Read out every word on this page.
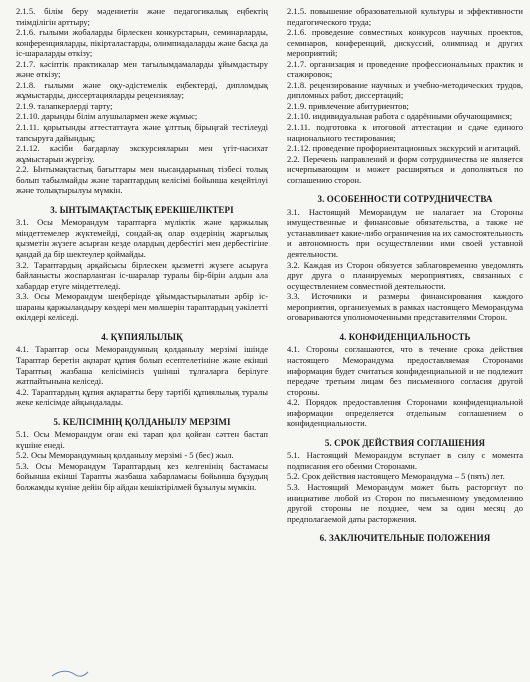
2.1.5. білім беру мәдениетін және педагогикалық еңбектің тиімділігін арттыру;

2.1.6. ғылыми жобаларды бірлескен конкурстарын, семинарларды, конференцияларды, пікірталастарды, олимпиадаларды және басқа да іс-шараларды өткізу;

2.1.7. кәсіптік практикалар мен тағылымдамаларды ұйымдастыру және өткізу;

2.1.8. ғылыми және оқу-әдістемелік еңбектерді, дипломдық жұмыстарды, диссертацияларды рецензиялау;

2.1.9. талапкерлерді тарту;

2.1.10. дарынды білім алушылармен жеке жұмыс;

2.1.11. қорытынды аттестаттауға және ұлттық бірыңғай тестілеуді тапсыруға дайындық;

2.1.12. кәсіби бағдарлау экскурсияларын мен үгіт-насихат жұмыстарын жүргізу.

2.2. Ынтымақтастық бағыттары мен нысандарының тізбесі толық болып табылмайды және тараптардың келісімі бойынша кеңейтілуі және толықтырылуы мүмкін.

3. ЫНТЫМАҚТАСТЫҚ ЕРЕКШЕЛІКТЕРІ

3.1. Осы Меморандум тараптарға мүліктік және қаржылық міндеттемелер жүктемейді, сондай-ақ олар өздерінің жарғылық қызметін жүзеге асырған кезде олардың дербестігі мен дербестігіне қандай да бір шектеулер қоймайды.

3.2. Тараптардың әрқайсысы бірлескен қызметті жүзеге асыруға байланысты жоспарланған іс-шаралар туралы бір-бірін алдын ала хабардар етуге міндеттеледі.

3.3. Осы Меморандум шеңберінде ұйымдастырылатын әрбір іс-шараны қаржыландыру көздері мен мөлшерін тараптардың уәкілетті өкілдері келіседі.

4. ҚҰПИЯЛЫЛЫҚ

4.1. Тараптар осы Меморандумның қолданылу мерзімі ішінде Тараптар беретін ақпарат құпия болып есептелетініне және екінші Тараптың жазбаша келісімінсіз үшінші тұлғаларға берілуге жатпайтынына келіседі.

4.2. Тараптардың құпия ақпаратты беру тәртібі құпиялылық туралы жеке келісімде айқындалады.

5. КЕЛІСІМНІҢ ҚОЛДАНЫЛУ МЕРЗІМІ

5.1. Осы Меморандум оған екі тарап қол қойған сәттен бастап күшіне енеді.

5.2. Осы Меморандумның қолданылу мерзімі - 5 (бес) жыл.

5.3. Осы Меморандум Тараптардың кез келгенінің бастамасы бойынша екінші Тарапты жазбаша хабарламасы бойынша бұзудың болжамды күніне дейін бір айдан кешіктірілмей бұзылуы мүмкін.

2.1.5. повышение образовательной культуры и эффективности педагогического труда;

2.1.6. проведение совместных конкурсов научных проектов, семинаров, конференций, дискуссий, олимпиад и других мероприятий;

2.1.7. организация и проведение профессиональных практик и стажировок;

2.1.8. рецензирование научных и учебно-методических трудов, дипломных работ, диссертаций;

2.1.9. привлечение абитуриентов;

2.1.10. индивидуальная работа с одарёнными обучающимися;

2.1.11. подготовка к итоговой аттестации и сдаче единого национального тестирования;

2.1.12. проведение профориентационных экскурсий и агитаций.

2.2. Перечень направлений и форм сотрудничества не является исчерпывающим и может расширяться и дополняться по соглашению сторон.

3. ОСОБЕННОСТИ СОТРУДНИЧЕСТВА

3.1. Настоящий Меморандум не налагает на Стороны имущественные и финансовые обязательства, а также не устанавливает какие-либо ограничения на их самостоятельность и автономность при осуществлении ими своей уставной деятельности.

3.2. Каждая из Сторон обязуется заблаговременно уведомлять друг друга о планируемых мероприятиях, связанных с осуществлением совместной деятельности.

3.3. Источники и размеры финансирования каждого мероприятия, организуемых в рамках настоящего Меморандума оговариваются уполномоченными представителями Сторон.

4. КОНФИДЕНЦИАЛЬНОСТЬ

4.1. Стороны соглашаются, что в течение срока действия настоящего Меморандума предоставляемая Сторонами информация будет считаться конфиденциальной и не подлежит передаче третьим лицам без письменного согласия другой стороны.

4.2. Порядок предоставления Сторонами конфиденциальной информации определяется отдельным соглашением о конфиденциальности.

5. СРОК ДЕЙСТВИЯ СОГЛАШЕНИЯ

5.1. Настоящий Меморандум вступает в силу с момента подписания его обеими Сторонами.

5.2. Срок действия настоящего Меморандума – 5 (пять) лет.

5.3. Настоящий Меморандум может быть расторгнут по инициативе любой из Сторон по письменному уведомлению другой стороны не позднее, чем за один месяц до предполагаемой даты расторжения.

6. ЗАКЛЮЧИТЕЛЬНЫЕ ПОЛОЖЕНИЯ
